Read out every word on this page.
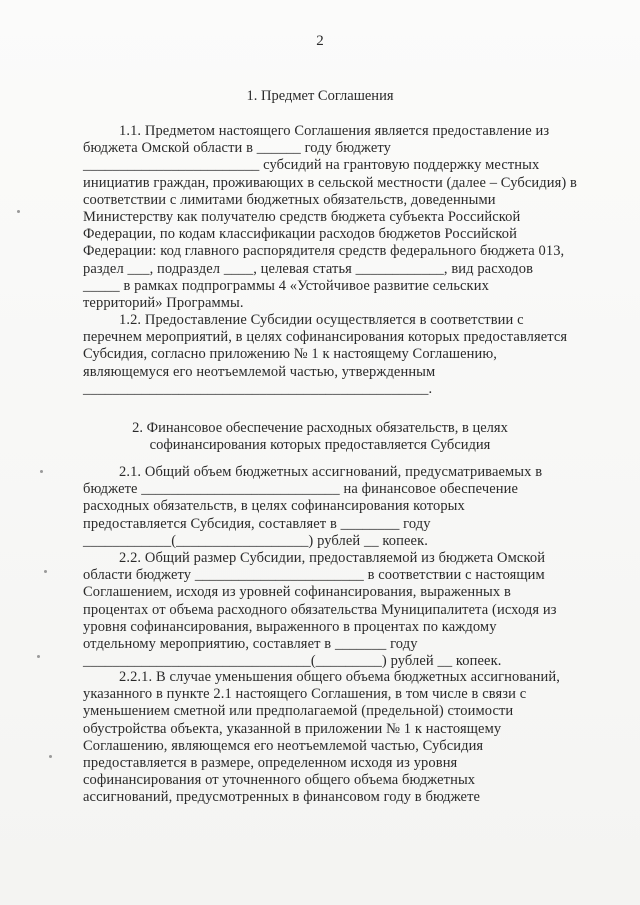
2
1. Предмет Соглашения
1.1. Предметом настоящего Соглашения является предоставление из
бюджета Омской области в ______ году бюджету
________________________ субсидий на грантовую поддержку местных
инициатив граждан, проживающих в сельской местности (далее – Субсидия) в
соответствии с лимитами бюджетных обязательств, доведенными
Министерству как получателю средств бюджета субъекта Российской
Федерации, по кодам классификации расходов бюджетов Российской
Федерации: код главного распорядителя средств федерального бюджета 013,
раздел ___, подраздел ____, целевая статья ____________, вид расходов
_____ в рамках подпрограммы 4 «Устойчивое развитие сельских
территорий» Программы.
1.2. Предоставление Субсидии осуществляется в соответствии с
перечнем мероприятий, в целях софинансирования которых предоставляется
Субсидия, согласно приложению № 1 к настоящему Соглашению,
являющемуся его неотъемлемой частью, утвержденным
_______________________________________________.
2. Финансовое обеспечение расходных обязательств, в целях
софинансирования которых предоставляется Субсидия
2.1. Общий объем бюджетных ассигнований, предусматриваемых в
бюджете ___________________________ на финансовое обеспечение
расходных обязательств, в целях софинансирования которых
предоставляется Субсидия, составляет в ________ году
____________(__________________) рублей __ копеек.
2.2. Общий размер Субсидии, предоставляемой из бюджета Омской
области бюджету _______________________ в соответствии с настоящим
Соглашением, исходя из уровней софинансирования, выраженных в
процентах от объема расходного обязательства Муниципалитета (исходя из
уровня софинансирования, выраженного в процентах по каждому
отдельному мероприятию, составляет в _______ году
_______________________________(_________) рублей __ копеек.
2.2.1. В случае уменьшения общего объема бюджетных ассигнований,
указанного в пункте 2.1 настоящего Соглашения, в том числе в связи с
уменьшением сметной или предполагаемой (предельной) стоимости
обустройства объекта, указанной в приложении № 1 к настоящему
Соглашению, являющемся его неотъемлемой частью, Субсидия
предоставляется в размере, определенном исходя из уровня
софинансирования от уточненного общего объема бюджетных
ассигнований, предусмотренных в финансовом году в бюджете
